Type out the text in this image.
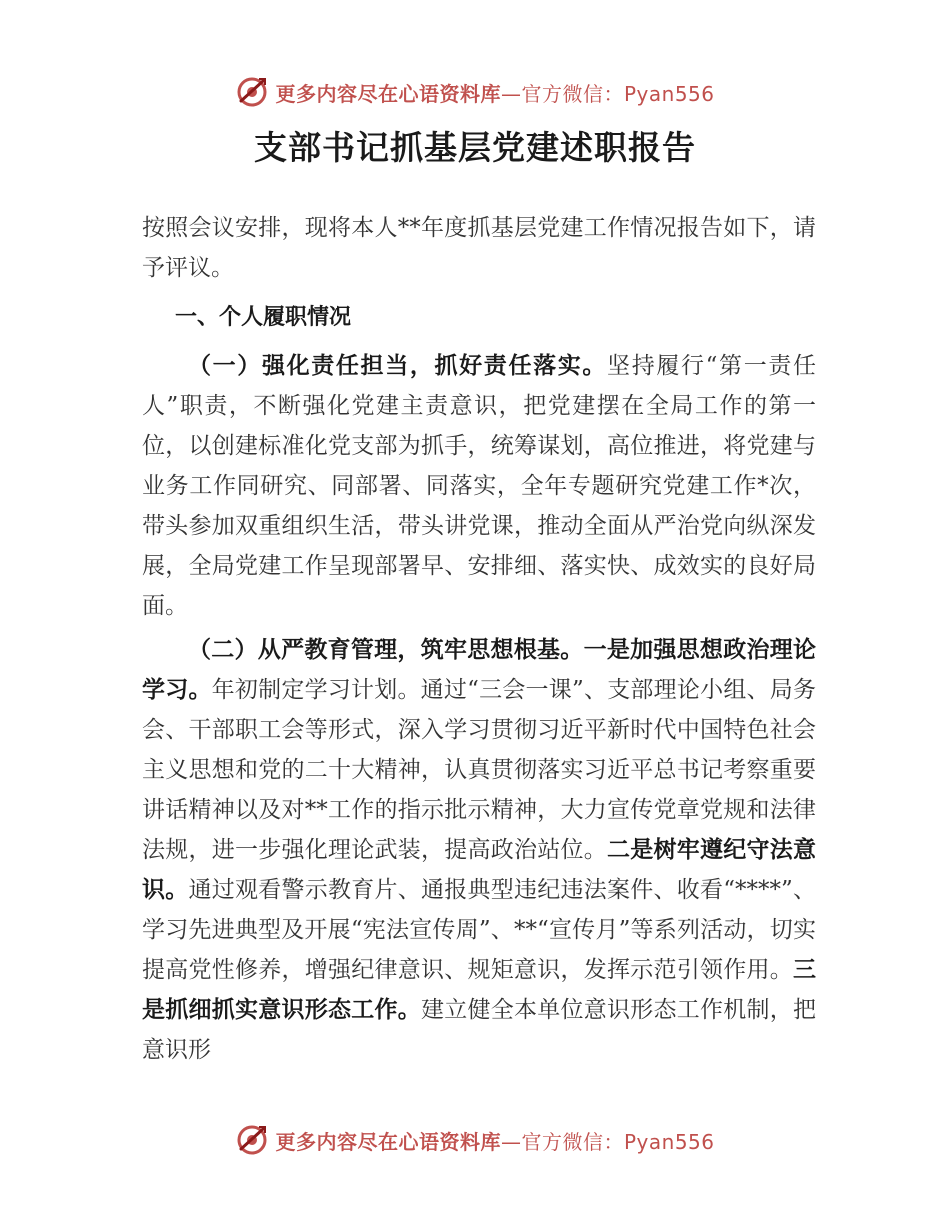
更多内容尽在心语资料库—官方微信：Pyan556
支部书记抓基层党建述职报告

按照会议安排，现将本人**年度抓基层党建工作情况报告如下，请予评议。

一、个人履职情况

（一）强化责任担当，抓好责任落实。坚持履行“第一责任人”职责，不断强化党建主责意识，把党建摆在全局工作的第一位，以创建标准化党支部为抓手，统筹谋划，高位推进，将党建与业务工作同研究、同部署、同落实，全年专题研究党建工作*次，带头参加双重组织生活，带头讲党课，推动全面从严治党向纵深发展，全局党建工作呈现部署早、安排细、落实快、成效实的良好局面。

（二）从严教育管理，筑牢思想根基。一是加强思想政治理论学习。年初制定学习计划。通过“三会一课”、支部理论小组、局务会、干部职工会等形式，深入学习贯彻习近平新时代中国特色社会主义思想和党的二十大精神，认真贯彻落实习近平总书记考察重要讲话精神以及对**工作的指示批示精神，大力宣传党章党规和法律法规，进一步强化理论武装，提高政治站位。二是树牢遵纪守法意识。通过观看警示教育片、通报典型违纪违法案件、收看“****”、学习先进典型及开展“宪法宣传周”、**“宣传月”等系列活动，切实提高党性修养，增强纪律意识、规矩意识，发挥示范引领作用。三是抓细抓实意识形态工作。建立健全本单位意识形态工作机制，把意识形

更多内容尽在心语资料库—官方微信：Pyan556
